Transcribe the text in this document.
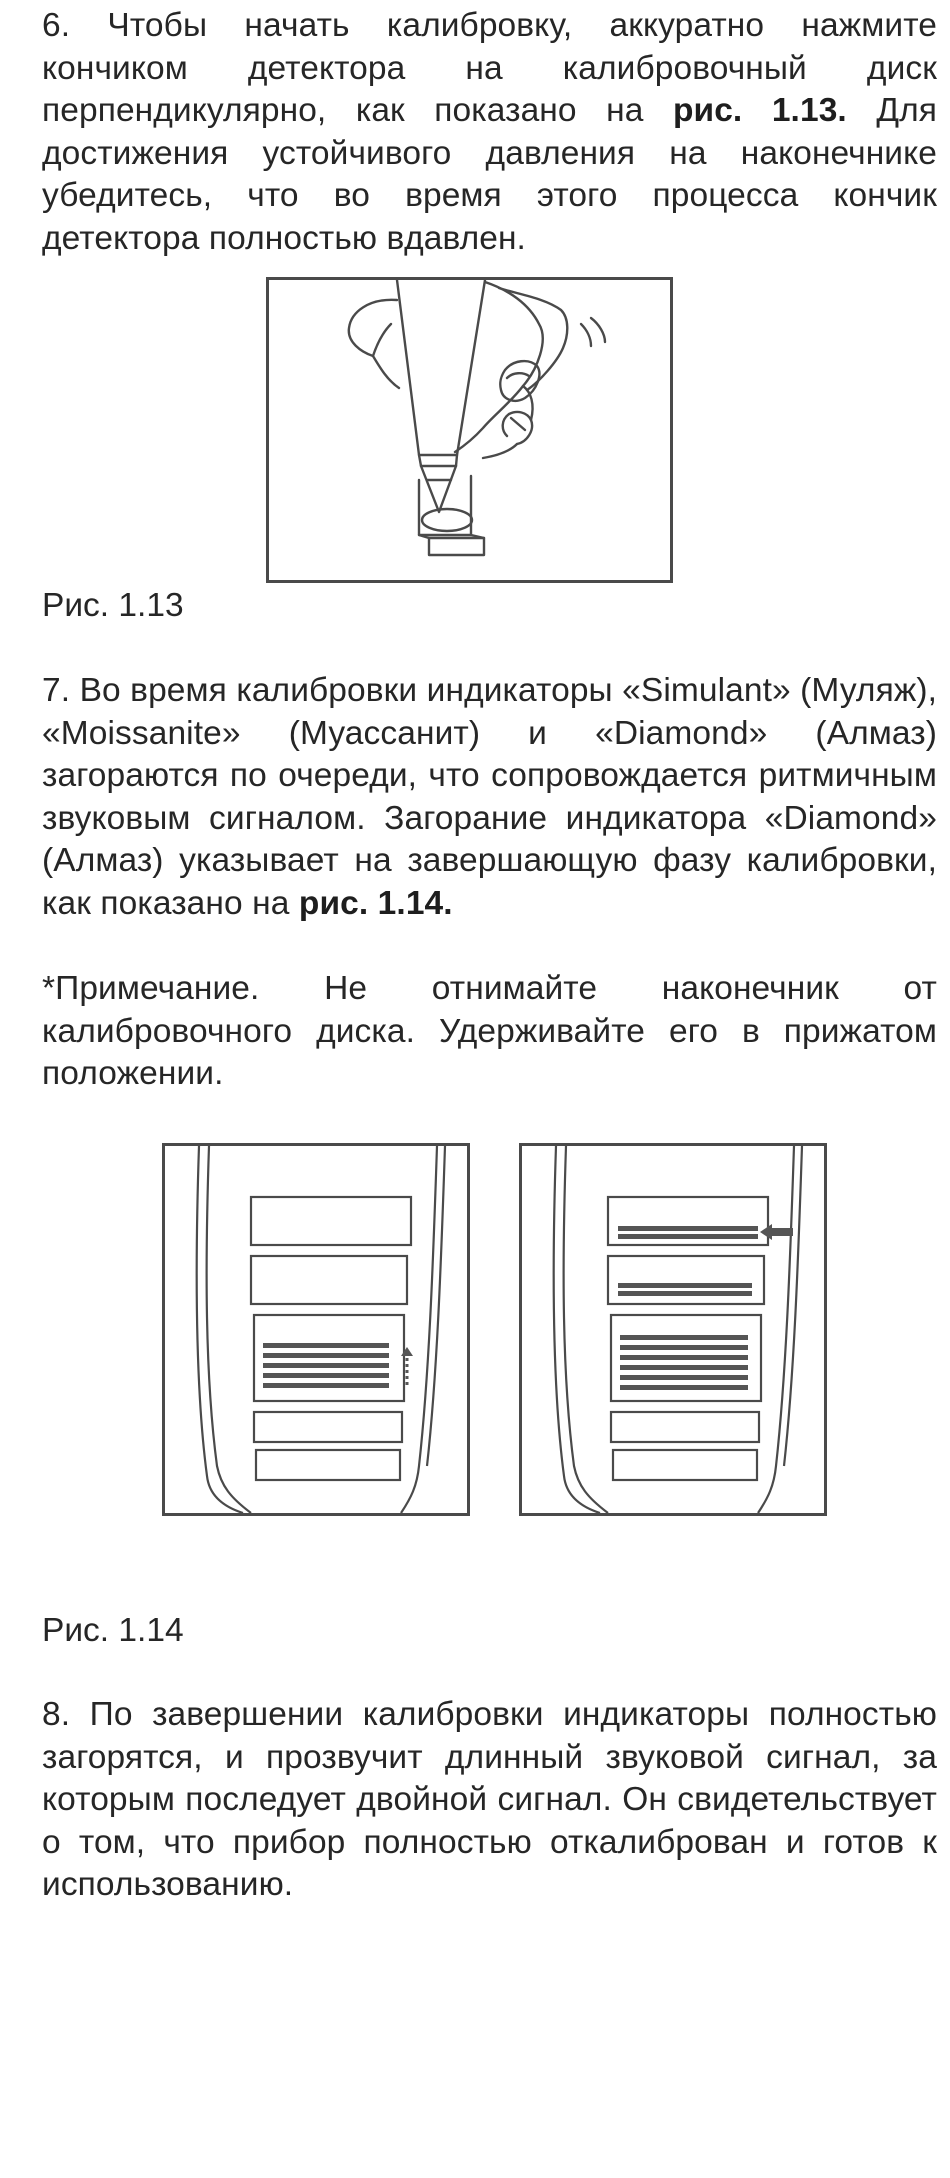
6. Чтобы начать калибровку, аккуратно нажмите кончиком детектора на калибровочный диск перпендикулярно, как показано на рис. 1.13. Для достижения устойчивого давления на наконечнике убедитесь, что во время этого процесса кончик детектора полностью вдавлен.

Рис. 1.13

7. Во время калибровки индикаторы «Simulant» (Муляж), «Moissanite» (Муассанит) и «Diamond» (Алмаз) загораются по очереди, что сопровождается ритмичным звуковым сигналом. Загорание индикатора «Diamond» (Алмаз) указывает на завершающую фазу калибровки, как показано на рис. 1.14.

*Примечание. Не отнимайте наконечник от калибровочного диска. Удерживайте его в прижатом положении.

Рис. 1.14

8. По завершении калибровки индикаторы полностью загорятся, и прозвучит длинный звуковой сигнал, за которым последует двойной сигнал. Он свидетельствует о том, что прибор полностью откалиброван и готов к использованию.
